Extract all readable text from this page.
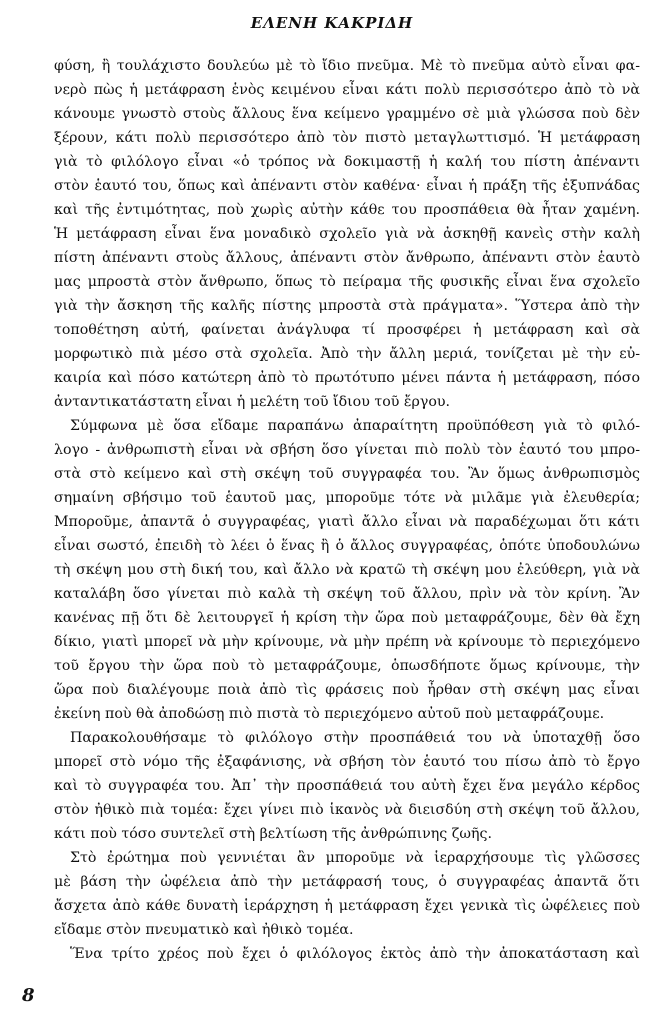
ΕΛΕΝΗ ΚΑΚΡΙΔΗ
φύση, ἢ τουλάχιστο δουλεύω μὲ τὸ ἴδιο πνεῦμα. Μὲ τὸ πνεῦμα αὐτὸ εἶναι φα-
νερὸ πὼς ἡ μετάφραση ἑνὸς κειμένου εἶναι κάτι πολὺ περισσότερο ἀπὸ τὸ νὰ
κάνουμε γνωστὸ στοὺς ἄλλους ἕνα κείμενο γραμμένο σὲ μιὰ γλώσσα ποὺ δὲν
ξέρουν, κάτι πολὺ περισσότερο ἀπὸ τὸν πιστὸ μεταγλωττισμό. Ἡ μετάφραση
γιὰ τὸ φιλόλογο εἶναι «ὁ τρόπος νὰ δοκιμαστῇ ἡ καλή του πίστη ἀπέναντι
στὸν ἑαυτό του, ὅπως καὶ ἀπέναντι στὸν καθένα· εἶναι ἡ πράξη τῆς ἐξυπνάδας
καὶ τῆς ἐντιμότητας, ποὺ χωρὶς αὐτὴν κάθε του προσπάθεια θὰ ἦταν χαμένη.
Ἡ μετάφραση εἶναι ἕνα μοναδικὸ σχολεῖο γιὰ νὰ ἀσκηθῇ κανεὶς στὴν καλὴ
πίστη ἀπέναντι στοὺς ἄλλους, ἀπέναντι στὸν ἄνθρωπο, ἀπέναντι στὸν ἑαυτὸ
μας μπροστὰ στὸν ἄνθρωπο, ὅπως τὸ πείραμα τῆς φυσικῆς εἶναι ἕνα σχολεῖο
γιὰ τὴν ἄσκηση τῆς καλῆς πίστης μπροστὰ στὰ πράγματα». Ὕστερα ἀπὸ τὴν
τοποθέτηση αὐτή, φαίνεται ἀνάγλυφα τί προσφέρει ἡ μετάφραση καὶ σὰ
μορφωτικὸ πιὰ μέσο στὰ σχολεῖα. Ἀπὸ τὴν ἄλλη μεριά, τονίζεται μὲ τὴν εὐ-
καιρία καὶ πόσο κατώτερη ἀπὸ τὸ πρωτότυπο μένει πάντα ἡ μετάφραση, πόσο
ἀνταντικατάστατη εἶναι ἡ μελέτη τοῦ ἴδιου τοῦ ἔργου.
Σύμφωνα μὲ ὅσα εἴδαμε παραπάνω ἀπαραίτητη προϋπόθεση γιὰ τὸ φιλό-
λογο - ἀνθρωπιστὴ εἶναι νὰ σβήση ὅσο γίνεται πιὸ πολὺ τὸν ἑαυτό του μπρο-
στὰ στὸ κείμενο καὶ στὴ σκέψη τοῦ συγγραφέα του. Ἂν ὅμως ἀνθρωπισμὸς
σημαίνη σβήσιμο τοῦ ἑαυτοῦ μας, μποροῦμε τότε νὰ μιλᾶμε γιὰ ἐλευθερία;
Μποροῦμε, ἀπαντᾶ ὁ συγγραφέας, γιατὶ ἄλλο εἶναι νὰ παραδέχωμαι ὅτι κάτι
εἶναι σωστό, ἐπειδὴ τὸ λέει ὁ ἕνας ἢ ὁ ἄλλος συγγραφέας, ὁπότε ὑποδουλώνω
τὴ σκέψη μου στὴ δική του, καὶ ἄλλο νὰ κρατῶ τὴ σκέψη μου ἐλεύθερη, γιὰ νὰ
καταλάβη ὅσο γίνεται πιὸ καλὰ τὴ σκέψη τοῦ ἄλλου, πρὶν νὰ τὸν κρίνη. Ἂν
κανένας πῇ ὅτι δὲ λειτουργεῖ ἡ κρίση τὴν ὥρα ποὺ μεταφράζουμε, δὲν θὰ ἔχη
δίκιο, γιατὶ μπορεῖ νὰ μὴν κρίνουμε, νὰ μὴν πρέπη νὰ κρίνουμε τὸ περιεχόμενο
τοῦ ἔργου τὴν ὥρα ποὺ τὸ μεταφράζουμε, ὁπωσδήποτε ὅμως κρίνουμε, τὴν
ὥρα ποὺ διαλέγουμε ποιὰ ἀπὸ τὶς φράσεις ποὺ ἦρθαν στὴ σκέψη μας εἶναι
ἐκείνη ποὺ θὰ ἀποδώσῃ πιὸ πιστὰ τὸ περιεχόμενο αὐτοῦ ποὺ μεταφράζουμε.
Παρακολουθήσαμε τὸ φιλόλογο στὴν προσπάθειά του νὰ ὑποταχθῇ ὅσο
μπορεῖ στὸ νόμο τῆς ἐξαφάνισης, νὰ σβήση τὸν ἑαυτό του πίσω ἀπὸ τὸ ἔργο
καὶ τὸ συγγραφέα του. Ἀπ᾽ τὴν προσπάθειά του αὐτὴ ἔχει ἕνα μεγάλο κέρδος
στὸν ἠθικὸ πιὰ τομέα: ἔχει γίνει πιὸ ἱκανὸς νὰ διεισδύη στὴ σκέψη τοῦ ἄλλου,
κάτι ποὺ τόσο συντελεῖ στὴ βελτίωση τῆς ἀνθρώπινης ζωῆς.
Στὸ ἐρώτημα ποὺ γεννιέται ἂν μποροῦμε νὰ ἱεραρχήσουμε τὶς γλῶσσες
μὲ βάση τὴν ὠφέλεια ἀπὸ τὴν μετάφρασή τους, ὁ συγγραφέας ἀπαντᾶ ὅτι
ἄσχετα ἀπὸ κάθε δυνατὴ ἱεράρχηση ἡ μετάφραση ἔχει γενικὰ τὶς ὠφέλειες ποὺ
εἴδαμε στὸν πνευματικὸ καὶ ἠθικὸ τομέα.
Ἕνα τρίτο χρέος ποὺ ἔχει ὁ φιλόλογος ἐκτὸς ἀπὸ τὴν ἀποκατάσταση καὶ
8
